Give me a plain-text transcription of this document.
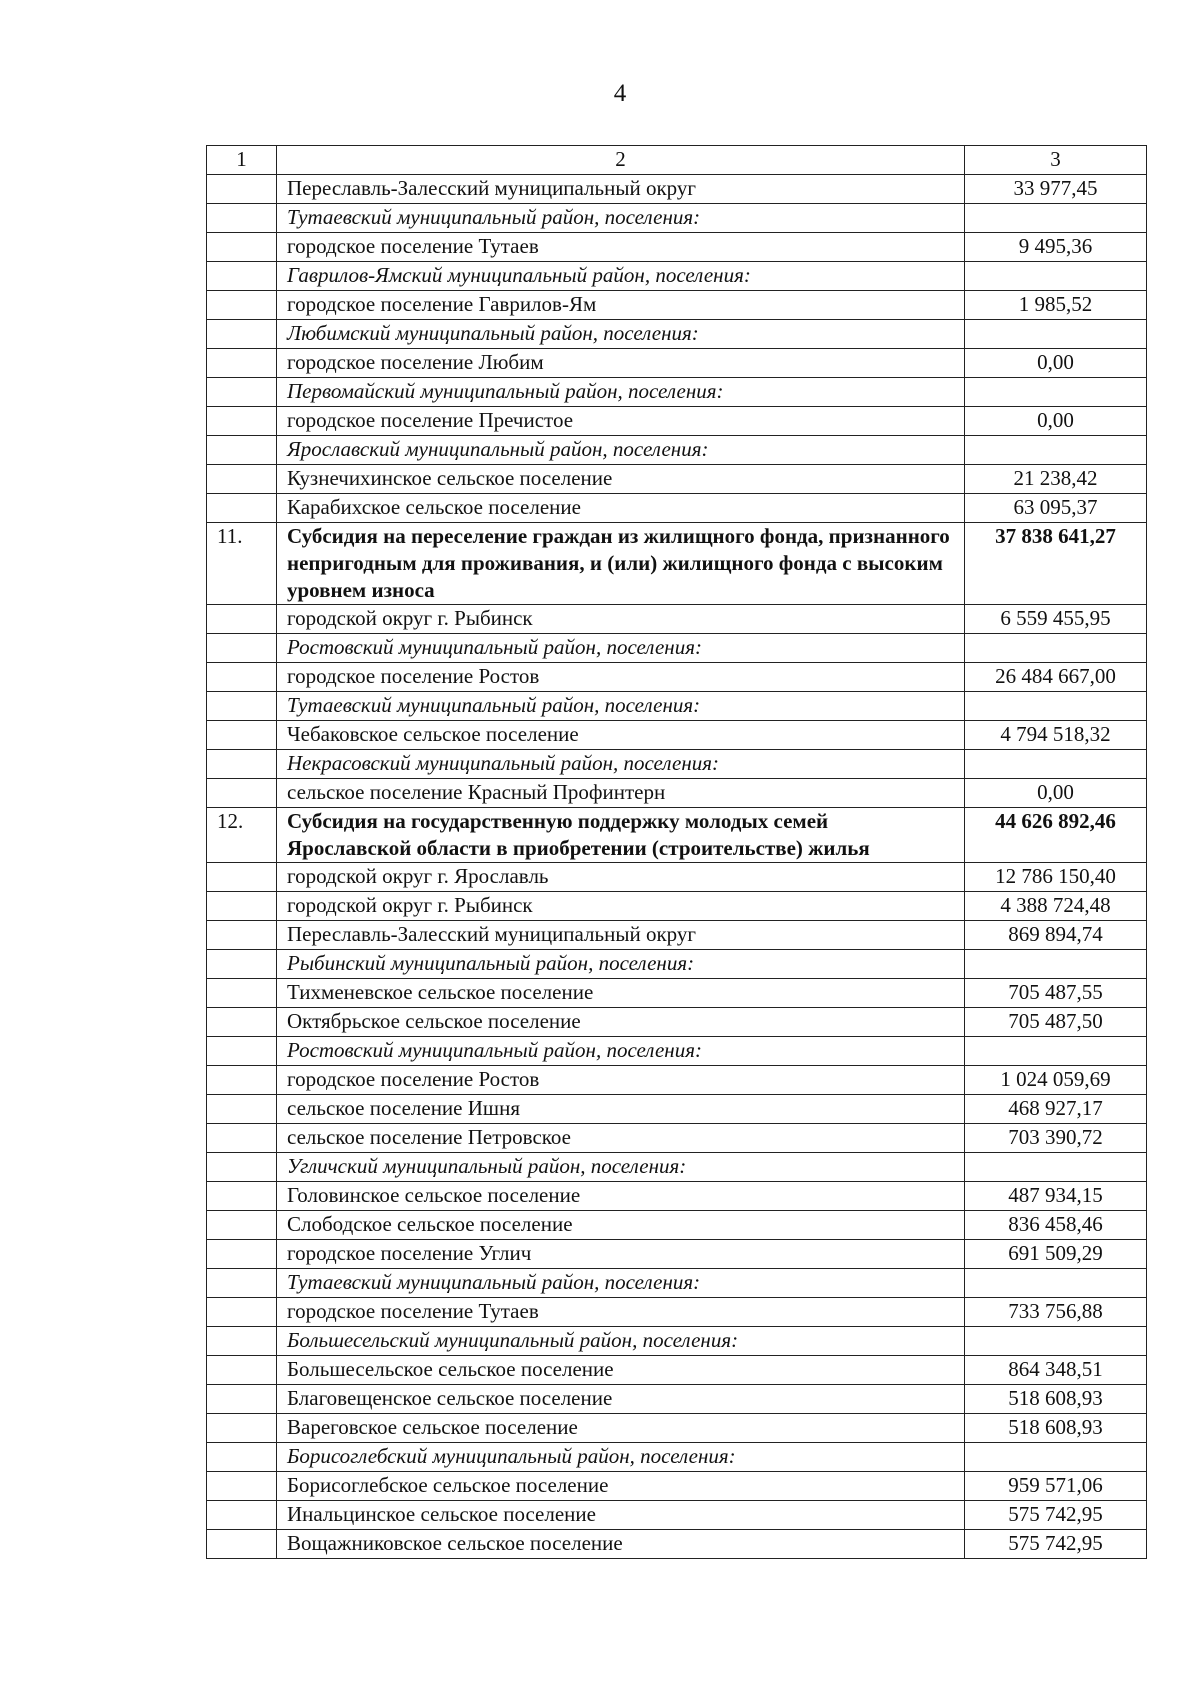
4
1	2	3
	Переславль-Залесский муниципальный округ	33 977,45
	Тутаевский муниципальный район, поселения:	
	городское поселение Тутаев	9 495,36
	Гаврилов-Ямский муниципальный район, поселения:	
	городское поселение Гаврилов-Ям	1 985,52
	Любимский муниципальный район, поселения:	
	городское поселение Любим	0,00
	Первомайский муниципальный район, поселения:	
	городское поселение Пречистое	0,00
	Ярославский муниципальный район, поселения:	
	Кузнечихинское сельское поселение	21 238,42
	Карабихское сельское поселение	63 095,37
11.	Субсидия на переселение граждан из жилищного фонда, признанного непригодным для проживания, и (или) жилищного фонда с высоким уровнем износа	37 838 641,27
	городской округ г. Рыбинск	6 559 455,95
	Ростовский муниципальный район, поселения:	
	городское поселение Ростов	26 484 667,00
	Тутаевский муниципальный район, поселения:	
	Чебаковское сельское поселение	4 794 518,32
	Некрасовский муниципальный район, поселения:	
	сельское поселение Красный Профинтерн	0,00
12.	Субсидия на государственную поддержку молодых семей Ярославской области в приобретении (строительстве) жилья	44 626 892,46
	городской округ г. Ярославль	12 786 150,40
	городской округ г. Рыбинск	4 388 724,48
	Переславль-Залесский муниципальный округ	869 894,74
	Рыбинский муниципальный район, поселения:	
	Тихменевское сельское поселение	705 487,55
	Октябрьское сельское поселение	705 487,50
	Ростовский муниципальный район, поселения:	
	городское поселение Ростов	1 024 059,69
	сельское поселение Ишня	468 927,17
	сельское поселение Петровское	703 390,72
	Угличский муниципальный район, поселения:	
	Головинское сельское поселение	487 934,15
	Слободское сельское поселение	836 458,46
	городское поселение Углич	691 509,29
	Тутаевский муниципальный район, поселения:	
	городское поселение Тутаев	733 756,88
	Большесельский муниципальный район, поселения:	
	Большесельское сельское поселение	864 348,51
	Благовещенское сельское поселение	518 608,93
	Вареговское сельское поселение	518 608,93
	Борисоглебский муниципальный район, поселения:	
	Борисоглебское сельское поселение	959 571,06
	Инальцинское сельское поселение	575 742,95
	Вощажниковское сельское поселение	575 742,95
